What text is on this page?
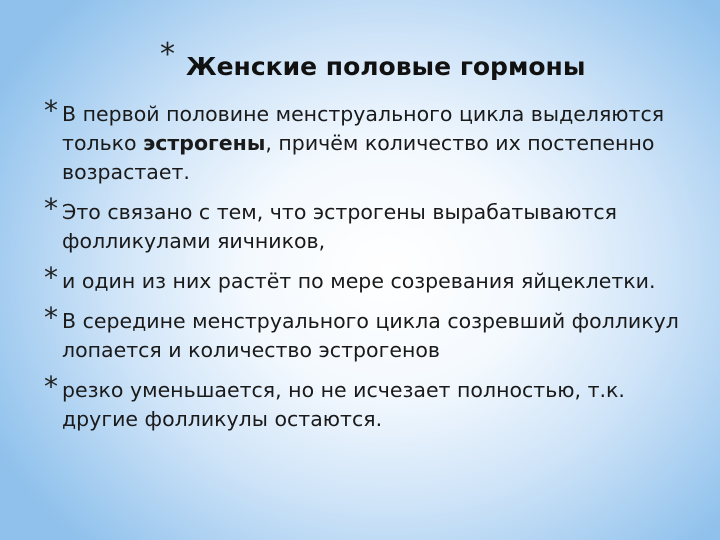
* Женские половые гормоны
* В первой половине менструального цикла выделяются только эстрогены, причём количество их постепенно возрастает.
* Это связано с тем, что эстрогены вырабатываются фолликулами яичников,
* и один из них растёт по мере созревания яйцеклетки.
* В середине менструального цикла созревший фолликул лопается и количество эстрогенов
* резко уменьшается, но не исчезает полностью, т.к. другие фолликулы остаются.
